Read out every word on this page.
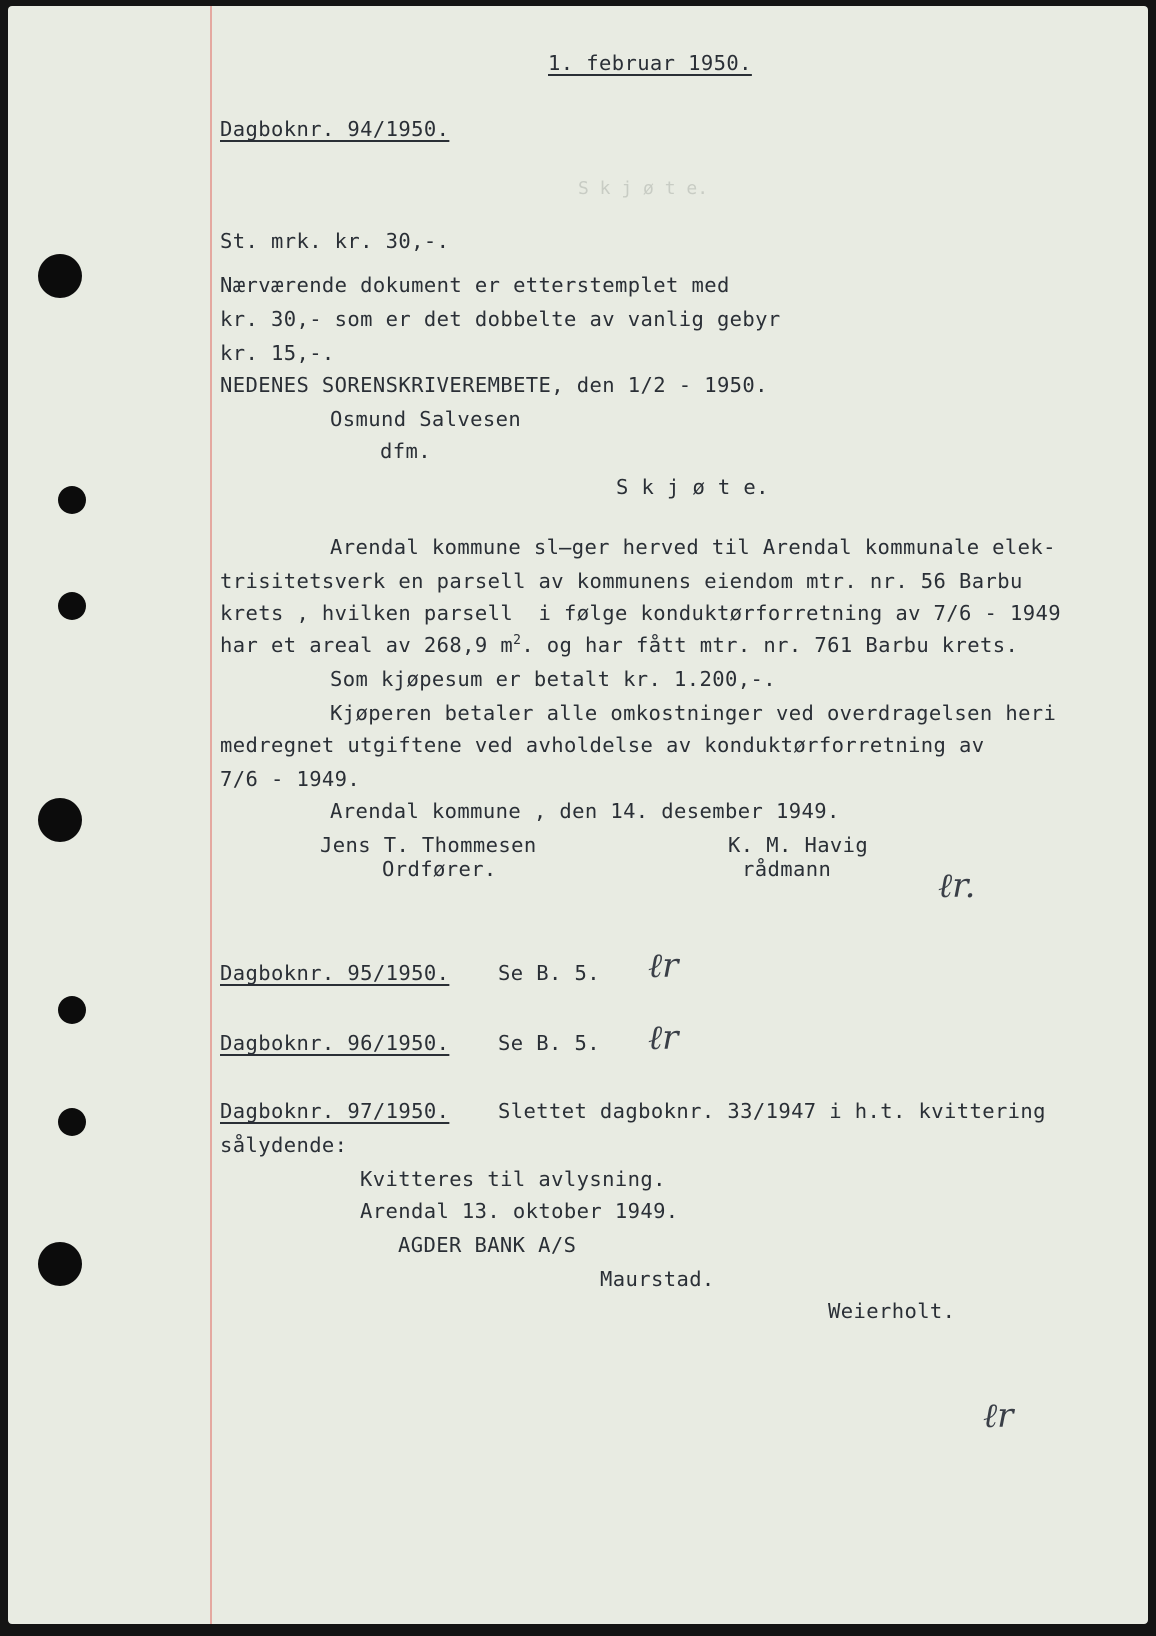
S k j ø t e.
1. februar 1950.
Dagboknr. 94/1950.
St. mrk. kr. 30,-.
Nærværende dokument er etterstemplet med
kr. 30,- som er det dobbelte av vanlig gebyr
kr. 15,-.
NEDENES SORENSKRIVEREMBETE, den 1/2 - 1950.
Osmund Salvesen
dfm.
S k j ø t e.
Arendal kommune sl̶ger herved til Arendal kommunale elek-
trisitetsverk en parsell av kommunens eiendom mtr. nr. 56 Barbu
krets , hvilken parsell  i følge konduktørforretning av 7/6 - 1949
har et areal av 268,9 $m^2$. og har fått mtr. nr. 761 Barbu krets.
Som kjøpesum er betalt kr. 1.200,-.
Kjøperen betaler alle omkostninger ved overdragelsen heri
medregnet utgiftene ved avholdelse av konduktørforretning av
7/6 - 1949.
Arendal kommune , den 14. desember 1949.
Jens T. Thommesen
Ordfører.
K. M. Havig
rådmann	ℓr.
Dagboknr. 95/1950. Se B. 5. ℓr
Dagboknr. 96/1950. Se B. 5. ℓr
Dagboknr. 97/1950. Slettet dagboknr. 33/1947 i h.t. kvittering
sålydende:
Kvitteres til avlysning.
Arendal 13. oktober 1949.
AGDER BANK A/S
Maurstad.
Weierholt.
ℓr
